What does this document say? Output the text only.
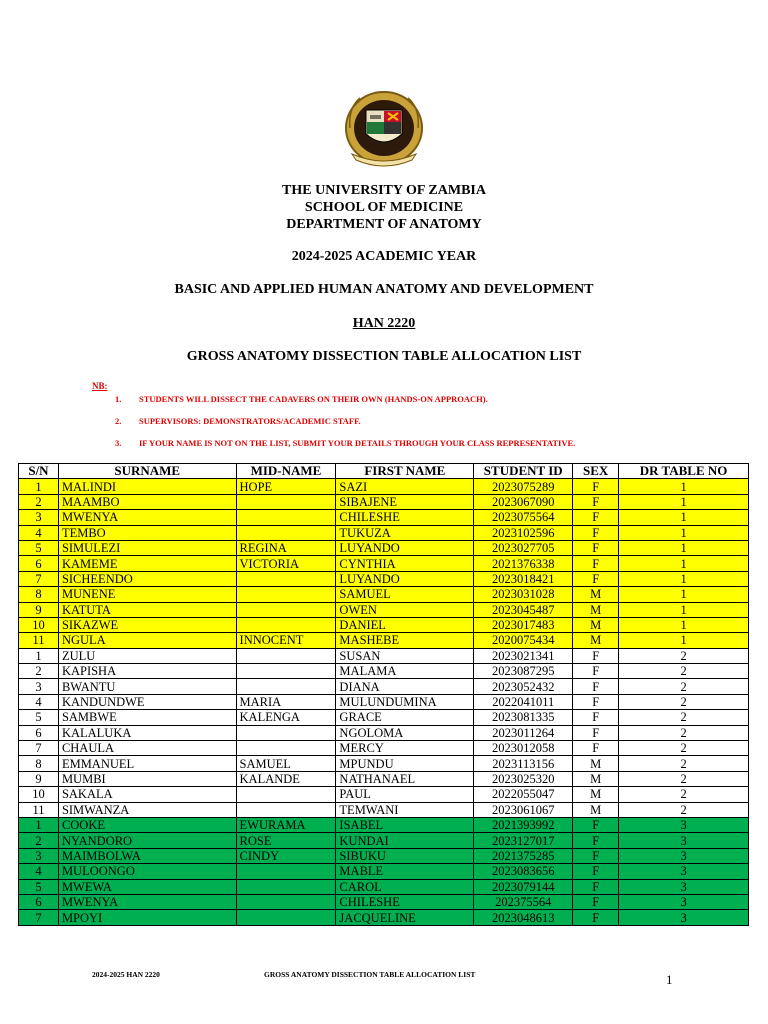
THE UNIVERSITY OF ZAMBIA
SCHOOL OF MEDICINE
DEPARTMENT OF ANATOMY
2024-2025 ACADEMIC YEAR
BASIC AND APPLIED HUMAN ANATOMY AND DEVELOPMENT
HAN 2220
GROSS ANATOMY DISSECTION TABLE ALLOCATION LIST
NB:
1. STUDENTS WILL DISSECT THE CADAVERS ON THEIR OWN (HANDS-ON APPROACH).
2. SUPERVISORS: DEMONSTRATORS/ACADEMIC STAFF.
3. IF YOUR NAME IS NOT ON THE LIST, SUBMIT YOUR DETAILS THROUGH YOUR CLASS REPRESENTATIVE.
S/N	SURNAME	MID-NAME	FIRST NAME	STUDENT ID	SEX	DR TABLE NO
1	MALINDI	HOPE	SAZI	2023075289	F	1
2	MAAMBO		SIBAJENE	2023067090	F	1
3	MWENYA		CHILESHE	2023075564	F	1
4	TEMBO		TUKUZA	2023102596	F	1
5	SIMULEZI	REGINA	LUYANDO	2023027705	F	1
6	KAMEME	VICTORIA	CYNTHIA	2021376338	F	1
7	SICHEENDO		LUYANDO	2023018421	F	1
8	MUNENE		SAMUEL	2023031028	M	1
9	KATUTA		OWEN	2023045487	M	1
10	SIKAZWE		DANIEL	2023017483	M	1
11	NGULA	INNOCENT	MASHEBE	2020075434	M	1
1	ZULU		SUSAN	2023021341	F	2
2	KAPISHA		MALAMA	2023087295	F	2
3	BWANTU		DIANA	2023052432	F	2
4	KANDUNDWE	MARIA	MULUNDUMINA	2022041011	F	2
5	SAMBWE	KALENGA	GRACE	2023081335	F	2
6	KALALUKA		NGOLOMA	2023011264	F	2
7	CHAULA		MERCY	2023012058	F	2
8	EMMANUEL	SAMUEL	MPUNDU	2023113156	M	2
9	MUMBI	KALANDE	NATHANAEL	2023025320	M	2
10	SAKALA		PAUL	2022055047	M	2
11	SIMWANZA		TEMWANI	2023061067	M	2
1	COOKE	EWURAMA	ISABEL	2021393992	F	3
2	NYANDORO	ROSE	KUNDAI	2023127017	F	3
3	MAIMBOLWA	CINDY	SIBUKU	2021375285	F	3
4	MULOONGO		MABLE	2023083656	F	3
5	MWEWA		CAROL	2023079144	F	3
6	MWENYA		CHILESHE	202375564	F	3
7	MPOYI		JACQUELINE	2023048613	F	3
2024-2025 HAN 2220	GROSS ANATOMY DISSECTION TABLE ALLOCATION LIST	1
